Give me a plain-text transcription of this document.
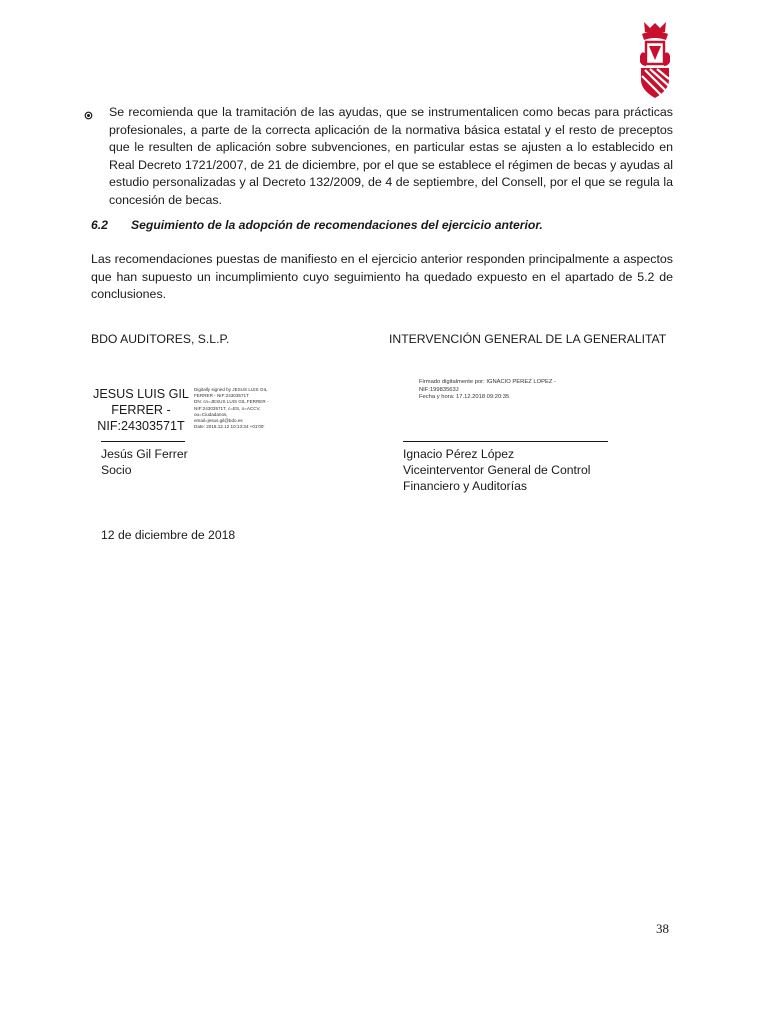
Se recomienda que la tramitación de las ayudas, que se instrumentalicen como becas para prácticas profesionales, a parte de la correcta aplicación de la normativa básica estatal y el resto de preceptos que le resulten de aplicación sobre subvenciones, en particular estas se ajusten a lo establecido en Real Decreto 1721/2007, de 21 de diciembre, por el que se establece el régimen de becas y ayudas al estudio personalizadas y al Decreto 132/2009, de 4 de septiembre, del Consell, por el que se regula la concesión de becas.

6.2 Seguimiento de la adopción de recomendaciones del ejercicio anterior.

Las recomendaciones puestas de manifiesto en el ejercicio anterior responden principalmente a aspectos que han supuesto un incumplimiento cuyo seguimiento ha quedado expuesto en el apartado de 5.2 de conclusiones.

BDO AUDITORES, S.L.P.	INTERVENCIÓN GENERAL DE LA GENERALITAT
JESUS LUIS GIL
FERRER -
NIF:24303571T
Digitally signed by JESUS LUIS GIL
FERRER - NIF:24303571T
DN: cn=JESUS LUIS GIL FERRER -
NIF:24303571T, c=ES, o=ACCV,
ou=Ciudadanos,
email=jesus.gil@bdo.es
Date: 2018.12.12 10:13:34 +01'00'
Firmado digitalmente por: IGNACIO PEREZ LOPEZ -
NIF:19983563J
Fecha y hora: 17.12.2018 09:20:35
Jesús Gil Ferrer
Socio
Ignacio Pérez López
Viceinterventor General de Control
Financiero y Auditorías
12 de diciembre de 2018
38
